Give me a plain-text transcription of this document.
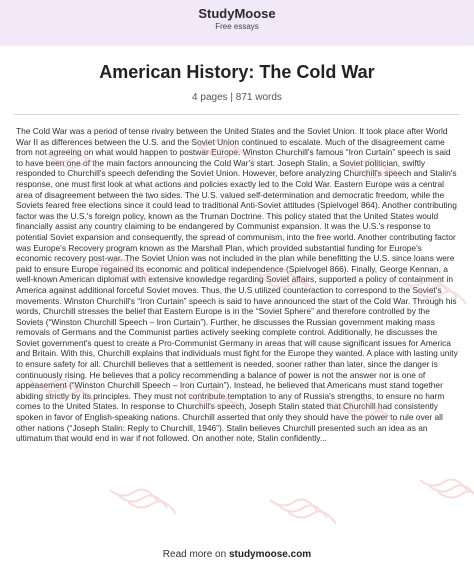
StudyMoose
Free essays
American History: The Cold War
4 pages | 871 words

The Cold War was a period of tense rivalry between the United States and the Soviet Union. It took place after World War II as differences between the U.S. and the Soviet Union continued to escalate. Much of the disagreement came from not agreeing on what would happen to postwar Europe. Winston Churchill's famous “Iron Curtain” speech is said to have been one of the main factors announcing the Cold War's start. Joseph Stalin, a Soviet politician, swiftly responded to Churchill's speech defending the Soviet Union. However, before analyzing Churchill's speech and Stalin's response, one must first look at what actions and policies exactly led to the Cold War. Eastern Europe was a central area of disagreement between the two sides. The U.S. valued self-determination and democratic freedom, while the Soviets feared free elections since it could lead to traditional Anti-Soviet attitudes (Spielvogel 864). Another contributing factor was the U.S.'s foreign policy, known as the Truman Doctrine. This policy stated that the United States would financially assist any country claiming to be endangered by Communist expansion. It was the U.S.'s response to potential Soviet expansion and consequently, the spread of communism, into the free world. Another contributing factor was Europe's Recovery program known as the Marshall Plan, which provided substantial funding for Europe's economic recovery post-war. The Soviet Union was not included in the plan while benefitting the U.S. since loans were paid to ensure Europe regained its economic and political independence (Spielvogel 866). Finally, George Kennan, a well-known American diplomat with extensive knowledge regarding Soviet affairs, supported a policy of containment in America against additional forceful Soviet moves. Thus, the U.S utilized counteraction to correspond to the Soviet's movements. Winston Churchill's “Iron Curtain” speech is said to have announced the start of the Cold War. Through his words, Churchill stresses the belief that Eastern Europe is in the “Soviet Sphere” and therefore controlled by the Soviets (“Winston Churchill Speech – Iron Curtain”). Further, he discusses the Russian government making mass removals of Germans and the Communist parties actively seeking complete control. Additionally, he discusses the Soviet government's quest to create a Pro-Communist Germany in areas that will cause significant issues for America and Britain. With this, Churchill explains that individuals must fight for the Europe they wanted. A place with lasting unity to ensure safety for all. Churchill believes that a settlement is needed, sooner rather than later, since the danger is continuously rising. He believes that a policy recommending a balance of power is not the answer nor is one of appeasement (“Winston Churchill Speech – Iron Curtain”). Instead, he believed that Americans must stand together abiding strictly by its principles. They must not contribute temptation to any of Russia's strengths, to ensure no harm comes to the United States. In response to Churchill's speech, Joseph Stalin stated that Churchill had consistently spoken in favor of English-speaking nations. Churchill asserted that only they should have the power to rule over all other nations (“Joseph Stalin: Reply to Churchill, 1946”). Stalin believes Churchill presented such an idea as an ultimatum that would end in war if not followed. On another note, Stalin confidently...

Read more on studymoose.com
